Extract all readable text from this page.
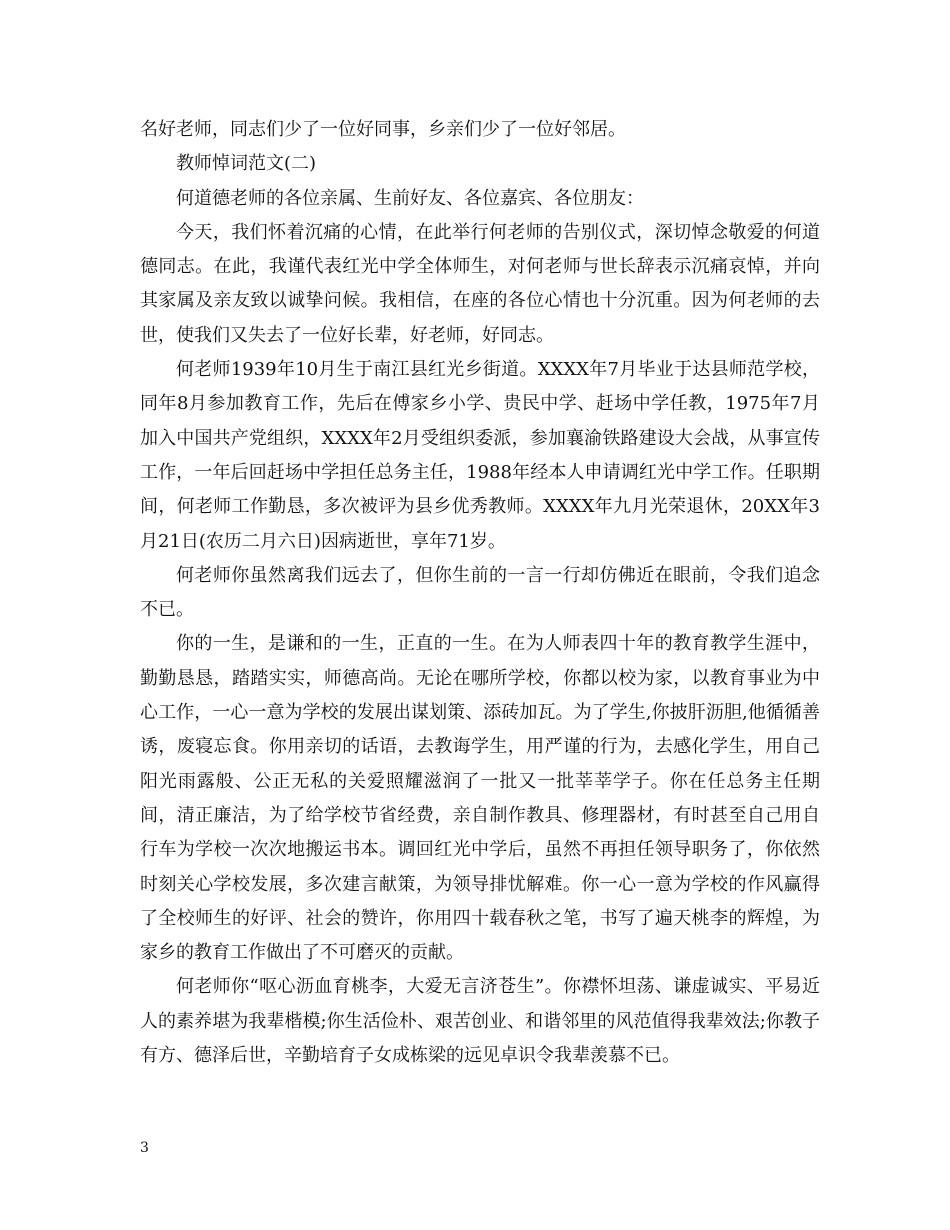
名好老师，同志们少了一位好同事，乡亲们少了一位好邻居。

教师悼词范文(二)

何道德老师的各位亲属、生前好友、各位嘉宾、各位朋友：

今天，我们怀着沉痛的心情，在此举行何老师的告别仪式，深切悼念敬爱的何道德同志。在此，我谨代表红光中学全体师生，对何老师与世长辞表示沉痛哀悼，并向其家属及亲友致以诚挚问候。我相信，在座的各位心情也十分沉重。因为何老师的去世，使我们又失去了一位好长辈，好老师，好同志。

何老师1939年10月生于南江县红光乡街道。XXXX年7月毕业于达县师范学校，同年8月参加教育工作，先后在傅家乡小学、贵民中学、赶场中学任教，1975年7月加入中国共产党组织，XXXX年2月受组织委派，参加襄渝铁路建设大会战，从事宣传工作，一年后回赶场中学担任总务主任，1988年经本人申请调红光中学工作。任职期间，何老师工作勤恳，多次被评为县乡优秀教师。XXXX年九月光荣退休，20XX年3月21日(农历二月六日)因病逝世，享年71岁。

何老师你虽然离我们远去了，但你生前的一言一行却仿佛近在眼前，令我们追念不已。

你的一生，是谦和的一生，正直的一生。在为人师表四十年的教育教学生涯中，勤勤恳恳，踏踏实实，师德高尚。无论在哪所学校，你都以校为家，以教育事业为中心工作，一心一意为学校的发展出谋划策、添砖加瓦。为了学生,你披肝沥胆,他循循善诱，废寝忘食。你用亲切的话语，去教诲学生，用严谨的行为，去感化学生，用自己阳光雨露般、公正无私的关爱照耀滋润了一批又一批莘莘学子。你在任总务主任期间，清正廉洁，为了给学校节省经费，亲自制作教具、修理器材，有时甚至自己用自行车为学校一次次地搬运书本。调回红光中学后，虽然不再担任领导职务了，你依然时刻关心学校发展，多次建言献策，为领导排忧解难。你一心一意为学校的作风赢得了全校师生的好评、社会的赞许，你用四十载春秋之笔，书写了遍天桃李的辉煌，为家乡的教育工作做出了不可磨灭的贡献。

何老师你“呕心沥血育桃李，大爱无言济苍生”。你襟怀坦荡、谦虚诚实、平易近人的素养堪为我辈楷模;你生活俭朴、艰苦创业、和谐邻里的风范值得我辈效法;你教子有方、德泽后世，辛勤培育子女成栋梁的远见卓识令我辈羡慕不已。

3
